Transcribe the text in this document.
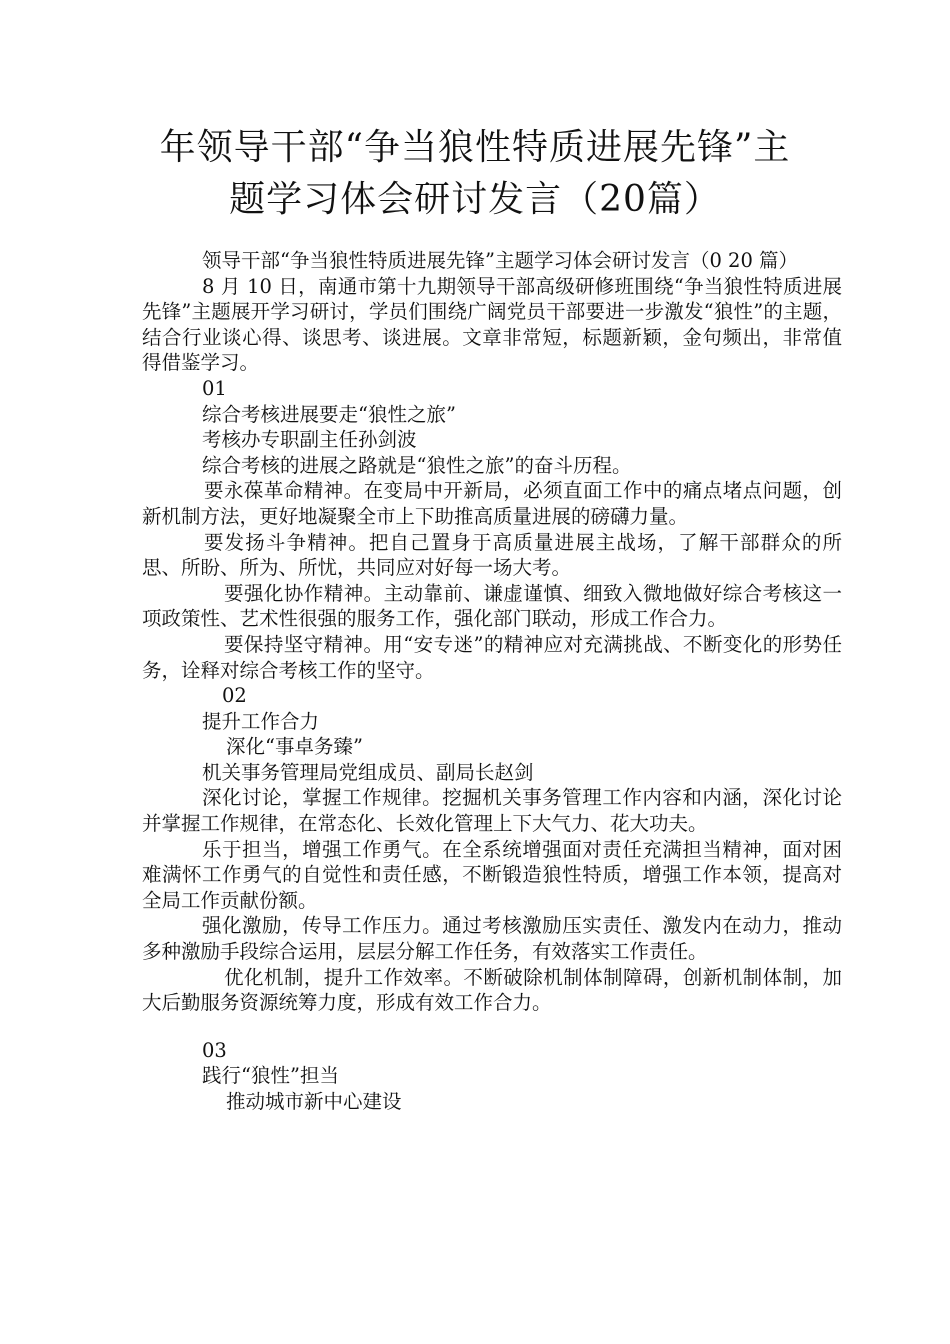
年领导干部“争当狼性特质进展先锋”主
题学习体会研讨发言（20篇）

领导干部“争当狼性特质进展先锋”主题学习体会研讨发言（0 20 篇）

8 月 10 日，南通市第十九期领导干部高级研修班围绕“争当狼性特质进展先锋”主题展开学习研讨，学员们围绕广阔党员干部要进一步激发“狼性”的主题，结合行业谈心得、谈思考、谈进展。文章非常短，标题新颖，金句频出，非常值得借鉴学习。

01

综合考核进展要走“狼性之旅”

考核办专职副主任孙剑波

综合考核的进展之路就是“狼性之旅”的奋斗历程。

要永葆革命精神。在变局中开新局，必须直面工作中的痛点堵点问题，创新机制方法，更好地凝聚全市上下助推高质量进展的磅礴力量。

要发扬斗争精神。把自己置身于高质量进展主战场，了解干部群众的所思、所盼、所为、所忧，共同应对好每一场大考。

要强化协作精神。主动靠前、谦虚谨慎、细致入微地做好综合考核这一项政策性、艺术性很强的服务工作，强化部门联动，形成工作合力。

要保持坚守精神。用“安专迷”的精神应对充满挑战、不断变化的形势任务，诠释对综合考核工作的坚守。

02

提升工作合力

深化“事卓务臻”

机关事务管理局党组成员、副局长赵剑

深化讨论，掌握工作规律。挖掘机关事务管理工作内容和内涵，深化讨论并掌握工作规律，在常态化、长效化管理上下大气力、花大功夫。

乐于担当，增强工作勇气。在全系统增强面对责任充满担当精神，面对困难满怀工作勇气的自觉性和责任感，不断锻造狼性特质，增强工作本领，提高对全局工作贡献份额。

强化激励，传导工作压力。通过考核激励压实责任、激发内在动力，推动多种激励手段综合运用，层层分解工作任务，有效落实工作责任。

优化机制，提升工作效率。不断破除机制体制障碍，创新机制体制，加大后勤服务资源统筹力度，形成有效工作合力。

03

践行“狼性”担当

推动城市新中心建设
